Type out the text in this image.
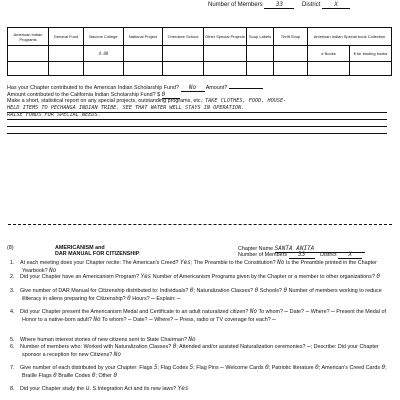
Number of Members 33	District X
American Indian Programs	General Fund	Bacone College	National Project	Cherokee School	Other Special Projects	Soup Labels	Thrift Shop	American Indian Special book Collection	
		4.00						# Books	$ for binding books

Has your Chapter contributed to the American Indian Scholarship Fund? No Amount?
Amount contributed to the California Indian Scholarship Fund? $ 0
Make a short, statistical report on any special projects, outstanding programs, etc.: TAKE CLOTHES, FOOD, HOUSE-
HELD ITEMS TO PECHANGA INDIAN TRIBE. SEE THAT WATER WELL STAYS IN OPERATION.
RAISE FUNDS FOR SPECIAL NEEDS.
(8)	AMERICANISM and
DAR MANUAL FOR CITIZENSHIP
Chapter Name SANTA ANITA
Number of Members 33	District X
1. At each meeting does your Chapter recite: The American's Creed? Yes; The Preamble to the Constitution? No Is the Preamble printed in the Chapter Yearbook? No
2. Did your Chapter have an Americanism Program? Yes Number of Americanism Programs given by the Chapter or a member to other organizations? 0
3. Give number of DAR Manual for Citizenship distributed to: Individuals? 0; Naturalization Classes? 0 Schools? 0 Number of members working to reduce illiteracy in aliens preparing for Citizenship? 0 Hours? — Explain: —
4. Did your Chapter present the Americanism Medal and Certificate to an adult naturalized citizen? No To whom? — Date? — Where? — Present the Medal of Honor to a native-born adult? No To whom? — Date? — Where? — Press, radio or TV coverage for each? —
5. Where human interest stories of new citizens sent to State Chairman? No
6. Number of members who: Worked with Naturalization Classes? 0; Attended and/or assisted Naturalization ceremonies? —; Describe: Did your Chapter sponsor a reception for new Citizens? No
7. Give number of each distributed by your Chapter: Flags 5; Flag Codes 5; Flag Pins — Welcome Cards 0; Patriotic literature 0; American's Creed Cards 0; Braille Flags 0 Braille Codes 0; Other 0
8. Did your Chapter study the U. S.Integration Act and its new laws? Yes
